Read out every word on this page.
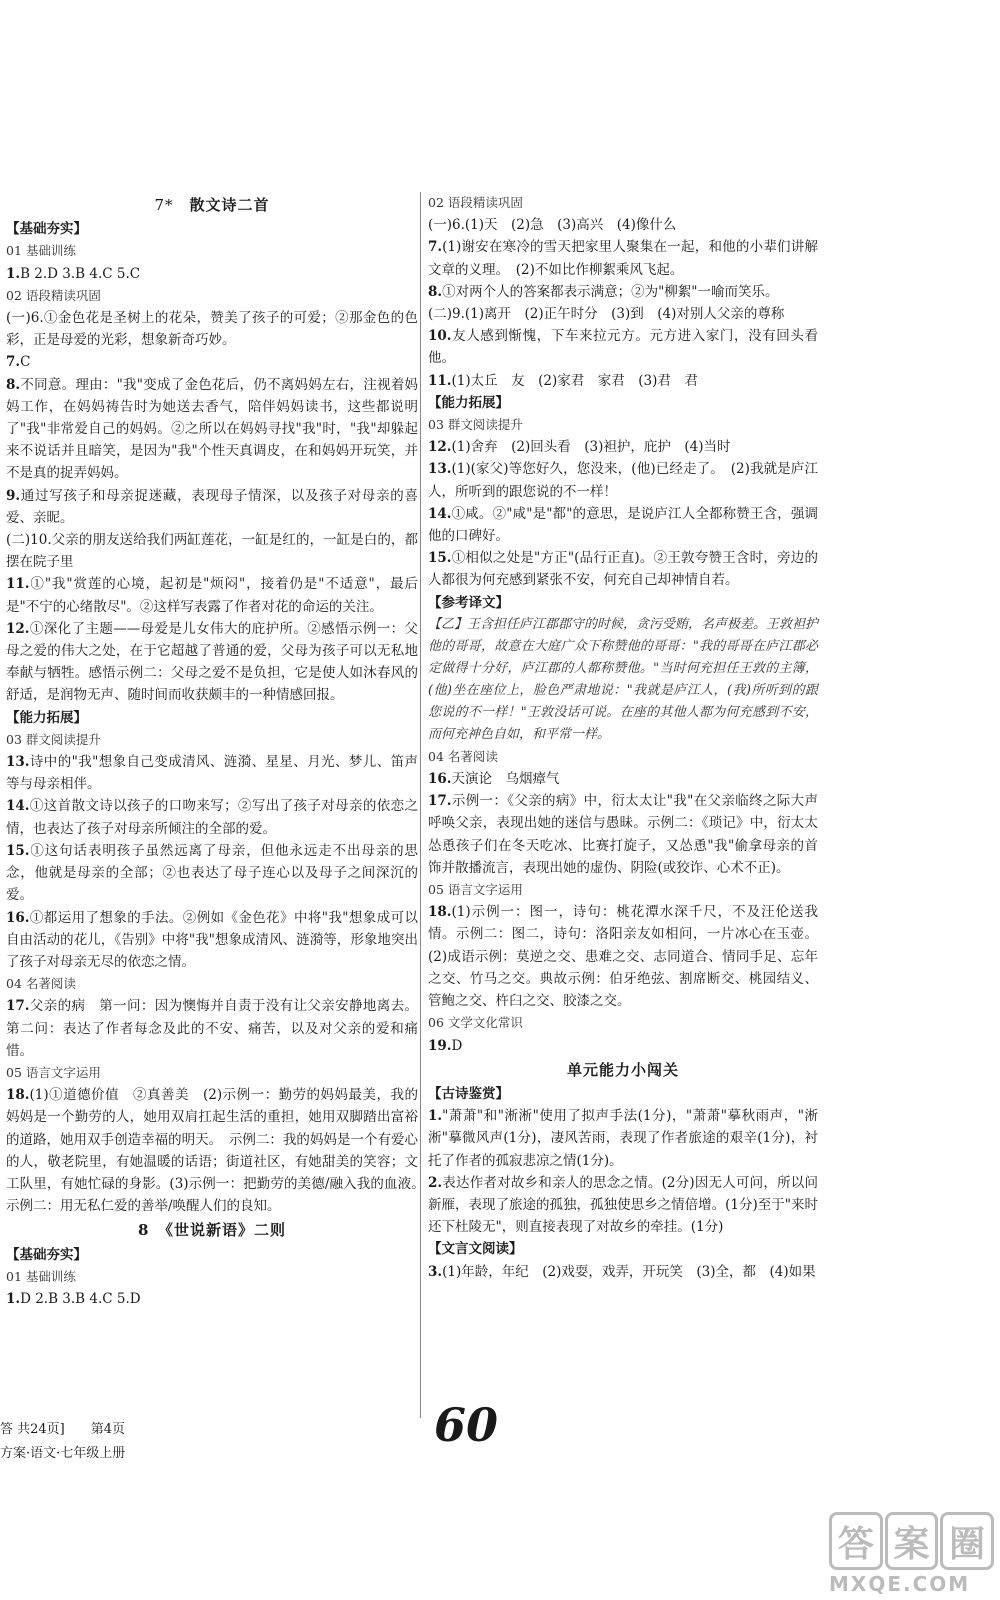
7* 散文诗二首
【基础夯实】
01 基础训练

1.B 2.D 3.B 4.C 5.C

02 语段精读巩固

(一)6.①金色花是圣树上的花朵，赞美了孩子的可爱；②那金色的色彩，正是母爱的光彩，想象新奇巧妙。

7.C

8.不同意。理由："我"变成了金色花后，仍不离妈妈左右，注视着妈妈工作，在妈妈祷告时为她送去香气，陪伴妈妈读书，这些都说明了"我"非常爱自己的妈妈。②之所以在妈妈寻找"我"时，"我"却躲起来不说话并且暗笑，是因为"我"个性天真调皮，在和妈妈开玩笑，并不是真的捉弄妈妈。

9.通过写孩子和母亲捉迷藏，表现母子情深，以及孩子对母亲的喜爱、亲昵。

(二)10.父亲的朋友送给我们两缸莲花，一缸是红的，一缸是白的，都摆在院子里

11.①"我"赏莲的心境，起初是"烦闷"，接着仍是"不适意"，最后是"不宁的心绪散尽"。②这样写表露了作者对花的命运的关注。

12.①深化了主题——母爱是儿女伟大的庇护所。②感悟示例一：父母之爱的伟大之处，在于它超越了普通的爱，父母为孩子可以无私地奉献与牺牲。感悟示例二：父母之爱不是负担，它是使人如沐春风的舒适，是润物无声、随时间而收获颇丰的一种情感回报。

【能力拓展】
03 群文阅读提升

13.诗中的"我"想象自己变成清风、涟漪、星星、月光、梦儿、笛声等与母亲相伴。

14.①这首散文诗以孩子的口吻来写；②写出了孩子对母亲的依恋之情，也表达了孩子对母亲所倾注的全部的爱。

15.①这句话表明孩子虽然远离了母亲，但他永远走不出母亲的思念，他就是母亲的全部；②也表达了母子连心以及母子之间深沉的爱。

16.①都运用了想象的手法。②例如《金色花》中将"我"想象成可以自由活动的花儿，《告别》中将"我"想象成清风、涟漪等，形象地突出了孩子对母亲无尽的依恋之情。

04 名著阅读

17.父亲的病　第一问：因为懊悔并自责于没有让父亲安静地离去。第二问：表达了作者每念及此的不安、痛苦，以及对父亲的爱和痛惜。

05 语言文字运用

18.(1)①道德价值　②真善美　(2)示例一：勤劳的妈妈最美，我的妈妈是一个勤劳的人，她用双肩扛起生活的重担，她用双脚踏出富裕的道路，她用双手创造幸福的明天。　示例二：我的妈妈是一个有爱心的人，敬老院里，有她温暖的话语；街道社区，有她甜美的笑容；文工队里，有她忙碌的身影。(3)示例一：把勤劳的美德/融入我的血液。　示例二：用无私仁爱的善举/唤醒人们的良知。

8　《世说新语》二则
【基础夯实】
01 基础训练

1.D 2.B 3.B 4.C 5.D

02 语段精读巩固

(一)6.(1)天　(2)急　(3)高兴　(4)像什么

7.(1)谢安在寒冷的雪天把家里人聚集在一起，和他的小辈们讲解文章的义理。　(2)不如比作柳絮乘风飞起。

8.①对两个人的答案都表示满意；②为"柳絮"一喻而笑乐。

(二)9.(1)离开　(2)正午时分　(3)到　(4)对别人父亲的尊称

10.友人感到惭愧，下车来拉元方。元方进入家门，没有回头看他。

11.(1)太丘　友　(2)家君　家君　(3)君　君

【能力拓展】
03 群文阅读提升

12.(1)舍弃　(2)回头看　(3)袒护，庇护　(4)当时

13.(1)(家父)等您好久，您没来，(他)已经走了。　(2)我就是庐江人，所听到的跟您说的不一样！

14.①咸。②"咸"是"都"的意思，是说庐江人全都称赞王含，强调他的口碑好。

15.①相似之处是"方正"(品行正直)。②王敦夸赞王含时，旁边的人都很为何充感到紧张不安，何充自己却神情自若。

【参考译文】

【乙】王含担任庐江郡郡守的时候，贪污受贿，名声极差。王敦袒护他的哥哥，故意在大庭广众下称赞他的哥哥："我的哥哥在庐江郡必定做得十分好，庐江郡的人都称赞他。"当时何充担任王敦的主簿，(他)坐在座位上，脸色严肃地说："我就是庐江人，(我)所听到的跟您说的不一样！"王敦没话可说。在座的其他人都为何充感到不安，而何充神色自如，和平常一样。

04 名著阅读

16.天演论　乌烟瘴气

17.示例一：《父亲的病》中，衍太太让"我"在父亲临终之际大声呼唤父亲，表现出她的迷信与愚昧。示例二：《琐记》中，衍太太怂恿孩子们在冬天吃冰、比赛打旋子，又怂恿"我"偷拿母亲的首饰并散播流言，表现出她的虚伪、阴险(或狡诈、心术不正)。

05 语言文字运用

18.(1)示例一：图一，诗句：桃花潭水深千尺，不及汪伦送我情。示例二：图二，诗句：洛阳亲友如相问，一片冰心在玉壶。(2)成语示例：莫逆之交、患难之交、志同道合、情同手足、忘年之交、竹马之交。典故示例：伯牙绝弦、割席断交、桃园结义、管鲍之交、杵臼之交、胶漆之交。

06 文学文化常识

19.D

单元能力小闯关
【古诗鉴赏】

1."萧萧"和"淅淅"使用了拟声手法(1分)，"萧萧"摹秋雨声，"淅淅"摹微风声(1分)，凄风苦雨，表现了作者旅途的艰辛(1分)，衬托了作者的孤寂悲凉之情(1分)。

2.表达作者对故乡和亲人的思念之情。(2分)因无人可问，所以问新雁，表现了旅途的孤独，孤独使思乡之情倍增。(1分)至于"来时还下杜陵无"，则直接表现了对故乡的牵挂。(1分)

【文言文阅读】

3.(1)年龄，年纪　(2)戏耍，戏弄，开玩笑　(3)全，都　(4)如果

答 共24页]　　第4页
方案·语文·七年级上册
60
答 案 圈
MXQE.COM
